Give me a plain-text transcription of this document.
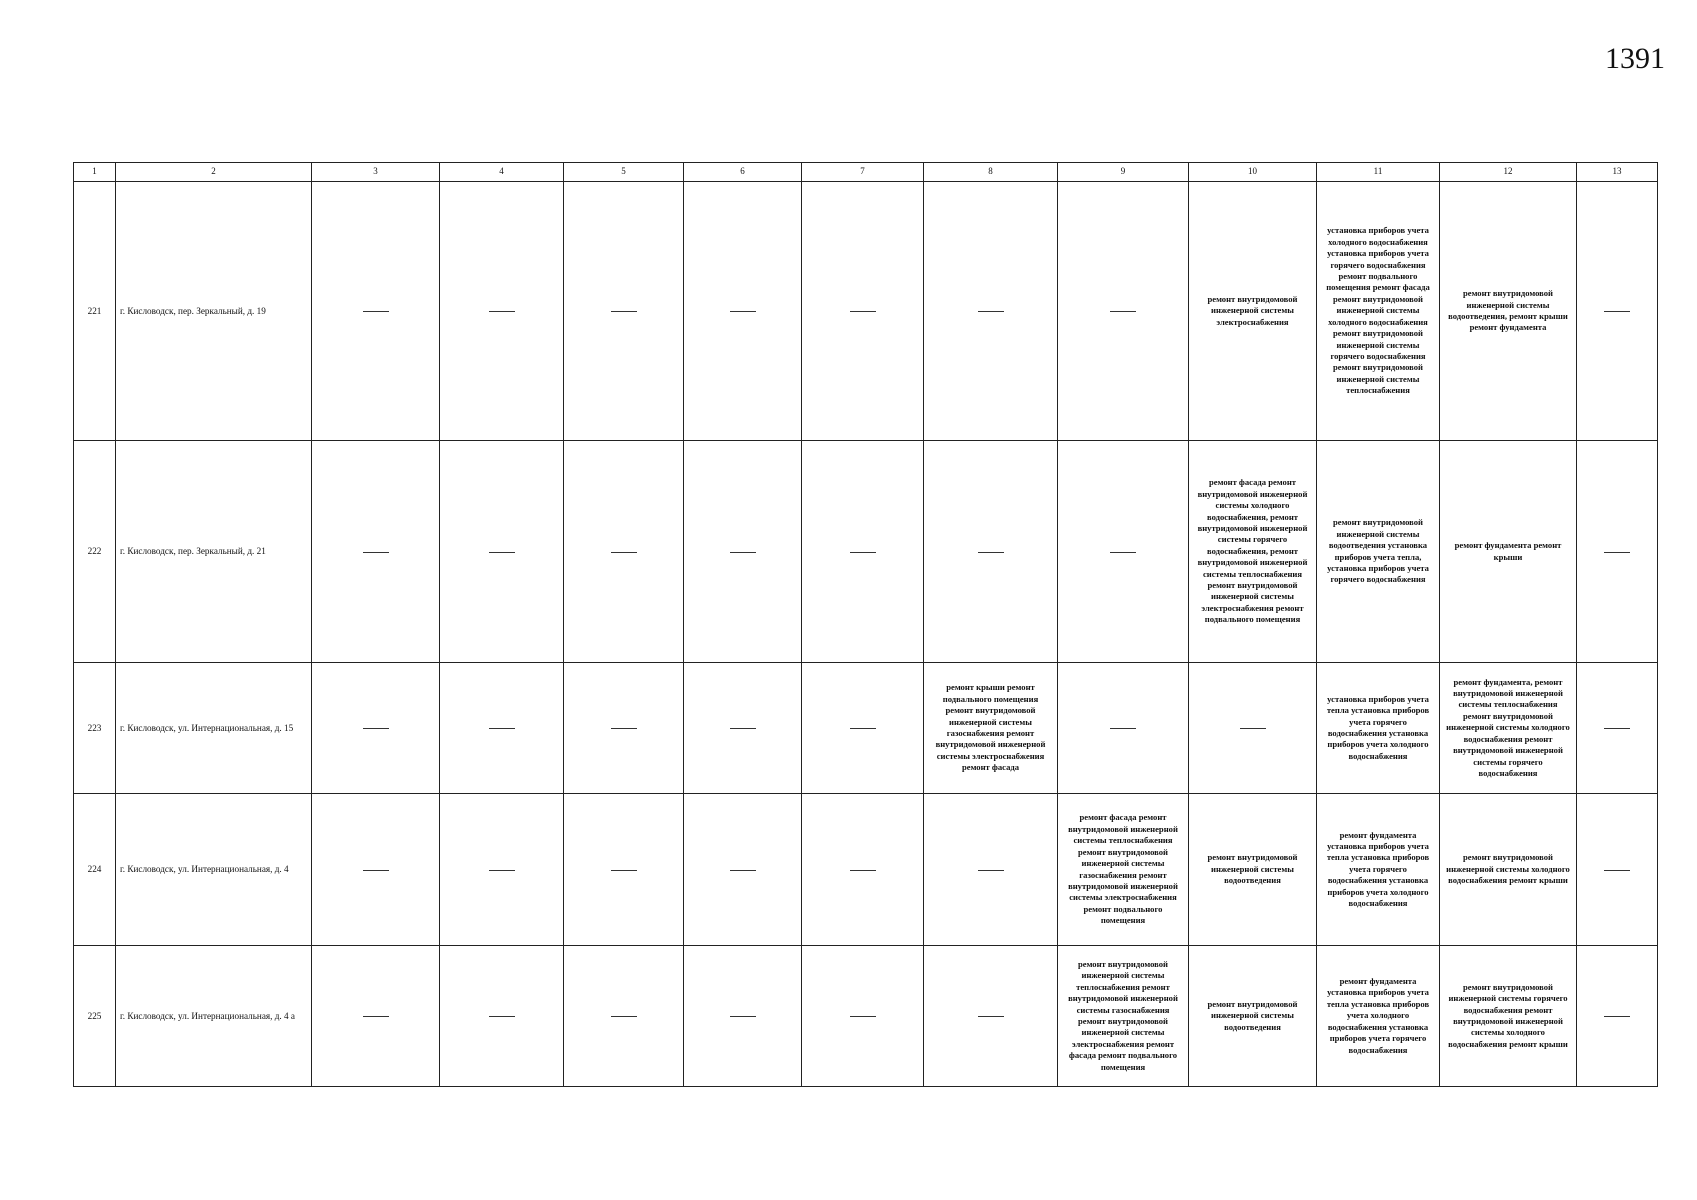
1391
1	2	3	4	5	6	7	8	9	10	11	12	13
221	г. Кисловодск, пер. Зеркальный, д. 19								ремонт внутридомовой инженерной системы электроснабжения	установка приборов учета холодного водоснабжения установка приборов учета горячего водоснабжения ремонт подвального помещения ремонт фасада ремонт внутридомовой инженерной системы холодного водоснабжения ремонт внутридомовой инженерной системы горячего водоснабжения ремонт внутридомовой инженерной системы теплоснабжения	ремонт внутридомовой инженерной системы водоотведения, ремонт крыши ремонт фундамента	
222	г. Кисловодск, пер. Зеркальный, д. 21								ремонт фасада ремонт внутридомовой инженерной системы холодного водоснабжения, ремонт внутридомовой инженерной системы горячего водоснабжения, ремонт внутридомовой инженерной системы теплоснабжения ремонт внутридомовой инженерной системы электроснабжения ремонт подвального помещения	ремонт внутридомовой инженерной системы водоотведения установка приборов учета тепла, установка приборов учета горячего водоснабжения	ремонт фундамента ремонт крыши	
223	г. Кисловодск, ул. Интернациональная, д. 15						ремонт крыши ремонт подвального помещения ремонт внутридомовой инженерной системы газоснабжения ремонт внутридомовой инженерной системы электроснабжения ремонт фасада			установка приборов учета тепла установка приборов учета горячего водоснабжения установка приборов учета холодного водоснабжения	ремонт фундамента, ремонт внутридомовой инженерной системы теплоснабжения ремонт внутридомовой инженерной системы холодного водоснабжения ремонт внутридомовой инженерной системы горячего водоснабжения	
224	г. Кисловодск, ул. Интернациональная, д. 4							ремонт фасада ремонт внутридомовой инженерной системы теплоснабжения ремонт внутридомовой инженерной системы газоснабжения ремонт внутридомовой инженерной системы электроснабжения ремонт подвального помещения	ремонт внутридомовой инженерной системы водоотведения	ремонт фундамента установка приборов учета тепла установка приборов учета горячего водоснабжения установка приборов учета холодного водоснабжения	ремонт внутридомовой инженерной системы холодного водоснабжения ремонт крыши	
225	г. Кисловодск, ул. Интернациональная, д. 4 а							ремонт внутридомовой инженерной системы теплоснабжения ремонт внутридомовой инженерной системы газоснабжения ремонт внутридомовой инженерной системы электроснабжения ремонт фасада ремонт подвального помещения	ремонт внутридомовой инженерной системы водоотведения	ремонт фундамента установка приборов учета тепла установка приборов учета холодного водоснабжения установка приборов учета горячего водоснабжения	ремонт внутридомовой инженерной системы горячего водоснабжения ремонт внутридомовой инженерной системы холодного водоснабжения ремонт крыши	
